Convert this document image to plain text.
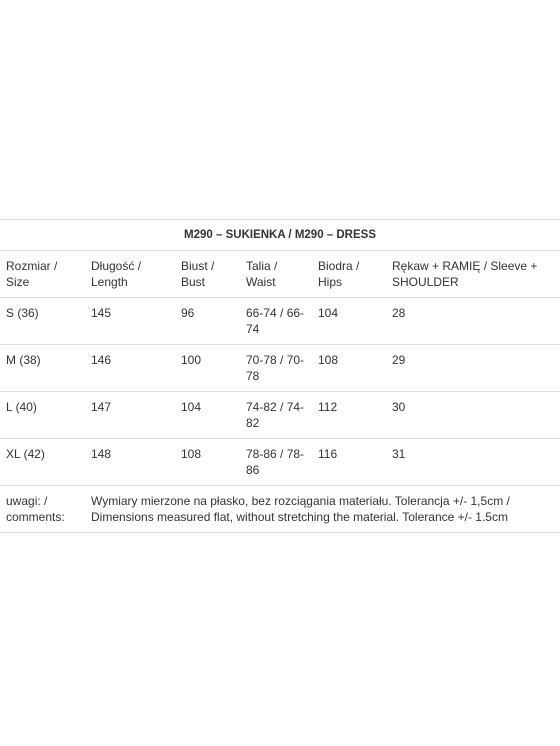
M290 – SUKIENKA / M290 – DRESS					

Rozmiar / Size	Długość / Length	Biust / Bust	Talia / Waist	Biodra / Hips	Rękaw + RAMIĘ / Sleeve + SHOULDER

S (36)	145	96	66-74 / 66-74	104	28

M (38)	146	100	70-78 / 70-78	108	29

L (40)	147	104	74-82 / 74-82	112	30

XL (42)	148	108	78-86 / 78-86	116	31

uwagi: / comments:	Wymiary mierzone na płasko, bez rozciągania materiału. Tolerancja +/- 1,5cm / Dimensions measured flat, without stretching the material. Tolerance +/- 1.5cm				
